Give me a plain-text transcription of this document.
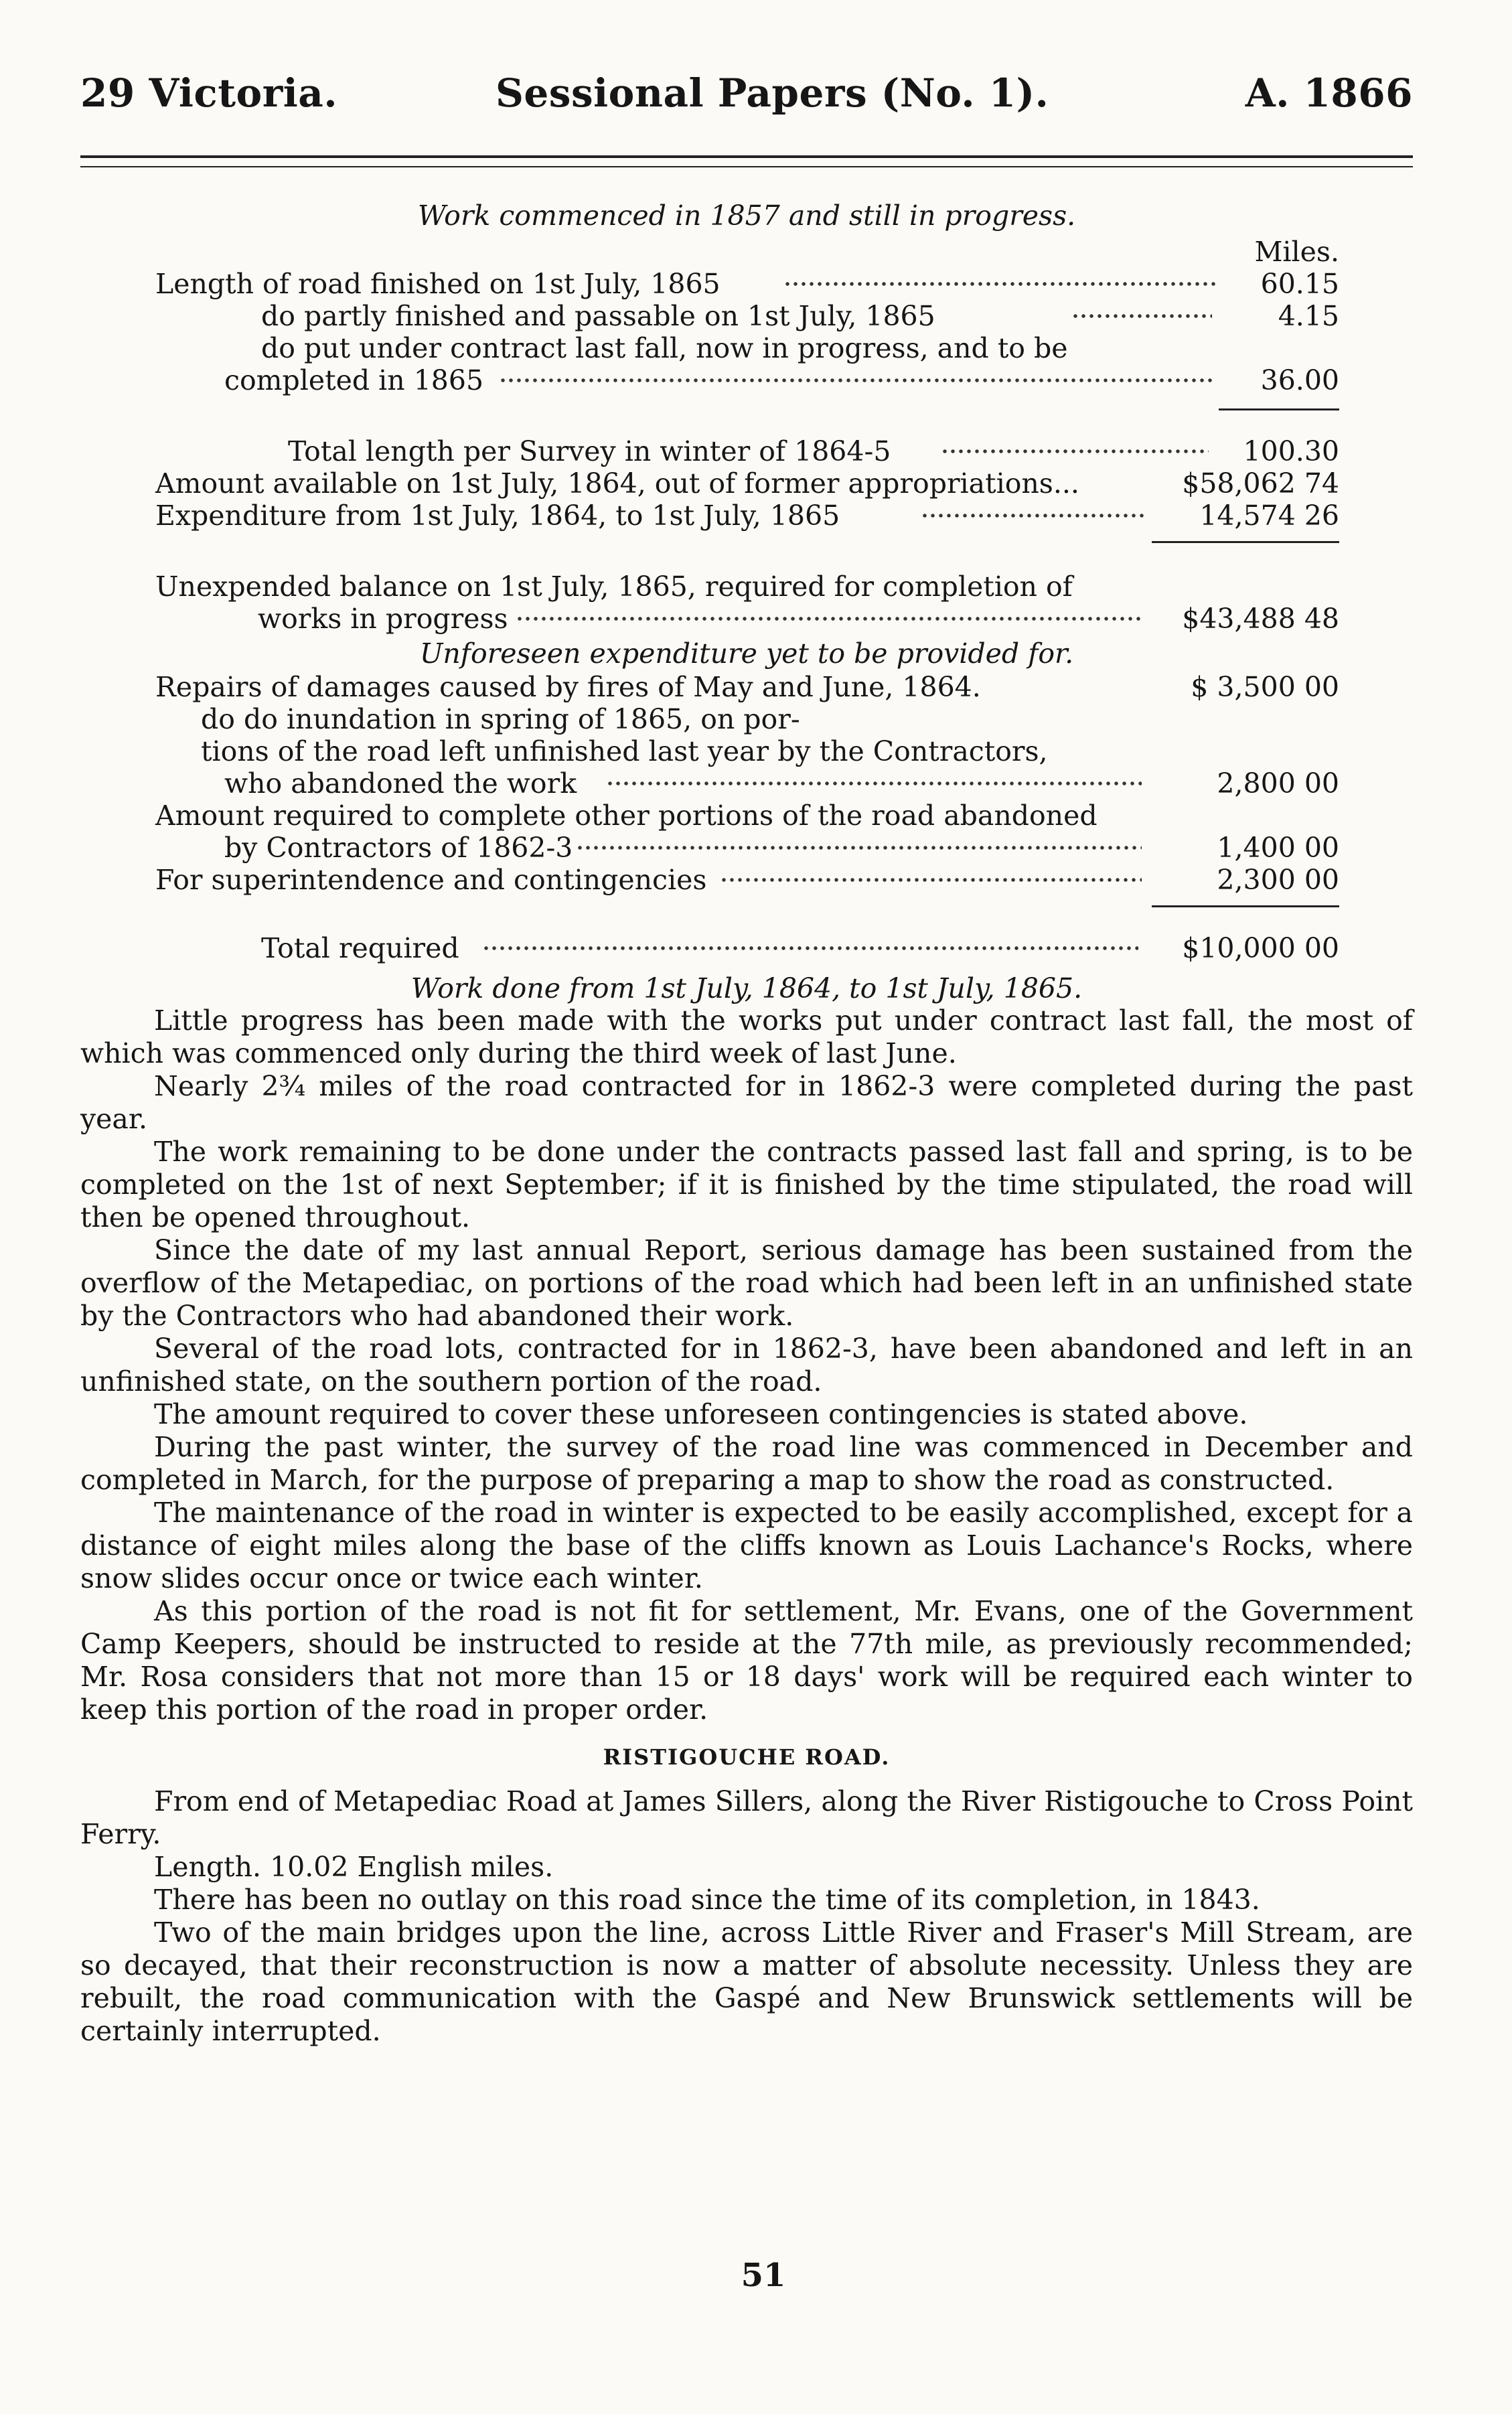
29 Victoria.	Sessional Papers (No. 1).	A. 1866
Work commenced in 1857 and still in progress.
Miles.
Length of road finished on 1st July, 1865	60.15
do partly finished and passable on 1st July, 1865	4.15
do put under contract last fall, now in progress, and to be
completed in 1865	36.00
Total length per Survey in winter of 1864-5	100.30
Amount available on 1st July, 1864, out of former appropriations...	$58,062 74
Expenditure from 1st July, 1864, to 1st July, 1865	14,574 26
Unexpended balance on 1st July, 1865, required for completion of
works in progress	$43,488 48
Unforeseen expenditure yet to be provided for.
Repairs of damages caused by fires of May and June, 1864.	$ 3,500 00
do do inundation in spring of 1865, on por-
tions of the road left unfinished last year by the Contractors,
who abandoned the work	2,800 00
Amount required to complete other portions of the road abandoned
by Contractors of 1862-3	1,400 00
For superintendence and contingencies	2,300 00
Total required	$10,000 00
Work done from 1st July, 1864, to 1st July, 1865.
Little progress has been made with the works put under contract last fall, the most of which was commenced only during the third week of last June.
Nearly 2¾ miles of the road contracted for in 1862-3 were completed during the past year.
The work remaining to be done under the contracts passed last fall and spring, is to be completed on the 1st of next September; if it is finished by the time stipulated, the road will then be opened throughout.
Since the date of my last annual Report, serious damage has been sustained from the overflow of the Metapediac, on portions of the road which had been left in an unfinished state by the Contractors who had abandoned their work.
Several of the road lots, contracted for in 1862-3, have been abandoned and left in an unfinished state, on the southern portion of the road.
The amount required to cover these unforeseen contingencies is stated above.
During the past winter, the survey of the road line was commenced in December and completed in March, for the purpose of preparing a map to show the road as constructed.
The maintenance of the road in winter is expected to be easily accomplished, except for a distance of eight miles along the base of the cliffs known as Louis Lachance's Rocks, where snow slides occur once or twice each winter.
As this portion of the road is not fit for settlement, Mr. Evans, one of the Government Camp Keepers, should be instructed to reside at the 77th mile, as previously recommended; Mr. Rosa considers that not more than 15 or 18 days' work will be required each winter to keep this portion of the road in proper order.
RISTIGOUCHE ROAD.
From end of Metapediac Road at James Sillers, along the River Ristigouche to Cross Point Ferry.
Length. 10.02 English miles.
There has been no outlay on this road since the time of its completion, in 1843.
Two of the main bridges upon the line, across Little River and Fraser's Mill Stream, are so decayed, that their reconstruction is now a matter of absolute necessity. Unless they are rebuilt, the road communication with the Gaspé and New Brunswick settlements will be certainly interrupted.
51
